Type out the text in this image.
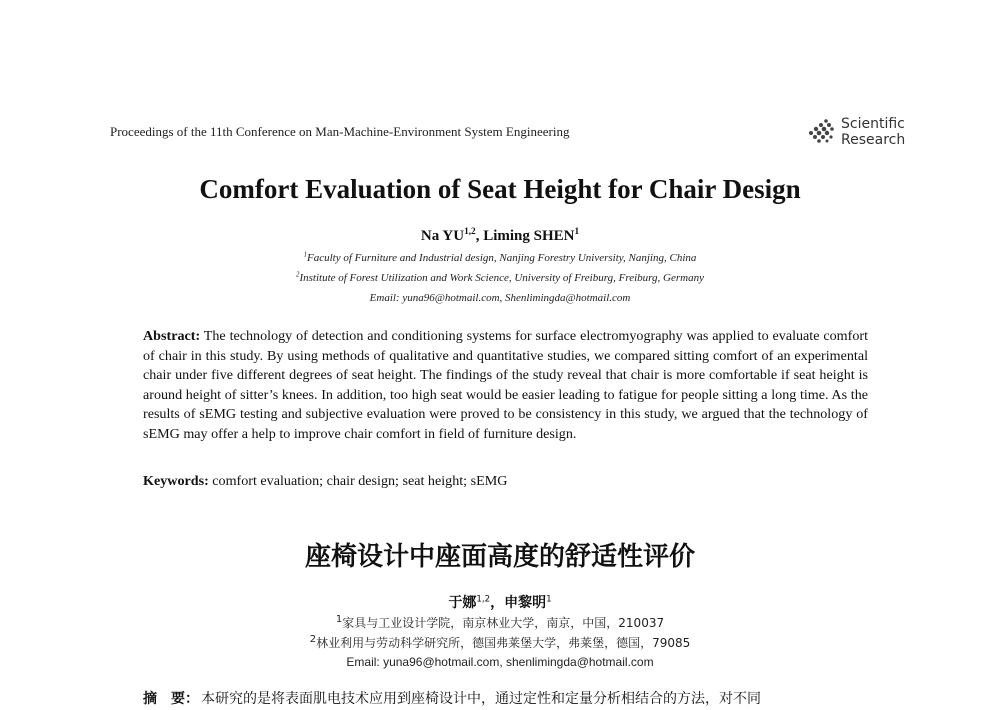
Proceedings of the 11th Conference on Man-Machine-Environment System Engineering	Scientific
Research
Comfort Evaluation of Seat Height for Chair Design
Na YU$^{1,2}$, Liming SHEN$^1$
$^1$Faculty of Furniture and Industrial design, Nanjing Forestry University, Nanjing, China
$^2$Institute of Forest Utilization and Work Science, University of Freiburg, Freiburg, Germany
Email: yuna96@hotmail.com, Shenlimingda@hotmail.com
Abstract: The technology of detection and conditioning systems for surface electromyography was applied to evaluate comfort of chair in this study. By using methods of qualitative and quantitative studies, we compared sitting comfort of an experimental chair under five different degrees of seat height. The findings of the study reveal that chair is more comfortable if seat height is around height of sitter’s knees. In addition, too high seat would be easier leading to fatigue for people sitting a long time. As the results of sEMG testing and subjective evaluation were proved to be consistency in this study, we argued that the technology of sEMG may offer a help to improve chair comfort in field of furniture design.
Keywords: comfort evaluation; chair design; seat height; sEMG
座椅设计中座面高度的舒适性评价
于娜$^{1,2}$，申黎明$^1$
$^1$家具与工业设计学院，南京林业大学，南京，中国，210037
$^2$林业利用与劳动科学研究所，德国弗莱堡大学，弗莱堡，德国，79085
Email: yuna96@hotmail.com, shenlimingda@hotmail.com
摘　要： 本研究的是将表面肌电技术应用到座椅设计中，通过定性和定量分析相结合的方法，对不同
